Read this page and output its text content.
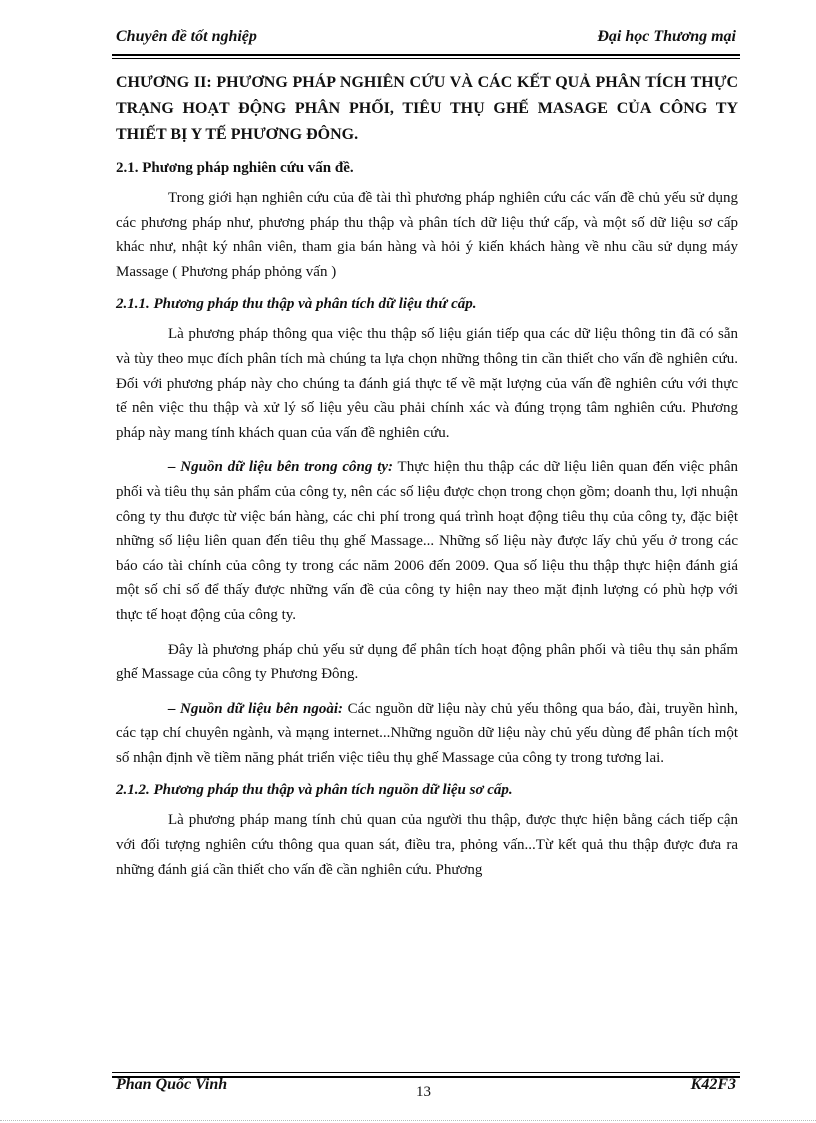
Chuyên đề tốt nghiệp	Đại học Thương mại

CHƯƠNG II: PHƯƠNG PHÁP NGHIÊN CỨU VÀ CÁC KẾT QUẢ PHÂN TÍCH THỰC TRẠNG HOẠT ĐỘNG PHÂN PHỐI, TIÊU THỤ GHẾ MASAGE CỦA CÔNG TY THIẾT BỊ Y TẾ PHƯƠNG ĐÔNG.

2.1. Phương pháp nghiên cứu vấn đề.

Trong giới hạn nghiên cứu của đề tài thì phương pháp nghiên cứu các vấn đề chủ yếu sử dụng các phương pháp như, phương pháp thu thập và phân tích dữ liệu thứ cấp, và một số dữ liệu sơ cấp khác như, nhật ký nhân viên, tham gia bán hàng và hỏi ý kiến khách hàng về nhu cầu sử dụng máy Massage ( Phương pháp phỏng vấn )

2.1.1. Phương pháp thu thập và phân tích dữ liệu thứ cấp.

Là phương pháp thông qua việc thu thập số liệu gián tiếp qua các dữ liệu thông tin đã có sẵn và tùy theo mục đích phân tích mà chúng ta lựa chọn những thông tin cần thiết cho vấn đề nghiên cứu. Đối với phương pháp này cho chúng ta đánh giá thực tế về mặt lượng của vấn đề nghiên cứu với thực tế nên việc thu thập và xử lý số liệu yêu cầu phải chính xác và đúng trọng tâm nghiên cứu. Phương pháp này mang tính khách quan của vấn đề nghiên cứu.

– Nguồn dữ liệu bên trong công ty: Thực hiện thu thập các dữ liệu liên quan đến việc phân phối và tiêu thụ sản phẩm của công ty, nên các số liệu được chọn trong chọn gồm; doanh thu, lợi nhuận công ty thu được từ việc bán hàng, các chi phí trong quá trình hoạt động tiêu thụ của công ty, đặc biệt những số liệu liên quan đến tiêu thụ ghế Massage... Những số liệu này được lấy chủ yếu ở trong các báo cáo tài chính của công ty trong các năm 2006 đến 2009. Qua số liệu thu thập thực hiện đánh giá một số chỉ số để thấy được những vấn đề của công ty hiện nay theo mặt định lượng có phù hợp với thực tế hoạt động của công ty.

Đây là phương pháp chủ yếu sử dụng để phân tích hoạt động phân phối và tiêu thụ sản phẩm ghế Massage của công ty Phương Đông.

– Nguồn dữ liệu bên ngoài: Các nguồn dữ liệu này chủ yếu thông qua báo, đài, truyền hình, các tạp chí chuyên ngành, và mạng internet...Những nguồn dữ liệu này chủ yếu dùng để phân tích một số nhận định về tiềm năng phát triển việc tiêu thụ ghế Massage của công ty trong tương lai.

2.1.2. Phương pháp thu thập và phân tích nguồn dữ liệu sơ cấp.

Là phương pháp mang tính chủ quan của người thu thập, được thực hiện bằng cách tiếp cận với đối tượng nghiên cứu thông qua quan sát, điều tra, phỏng vấn...Từ kết quả thu thập được đưa ra những đánh giá cần thiết cho vấn đề cần nghiên cứu. Phương

Phan Quốc Vinh	13	K42F3
